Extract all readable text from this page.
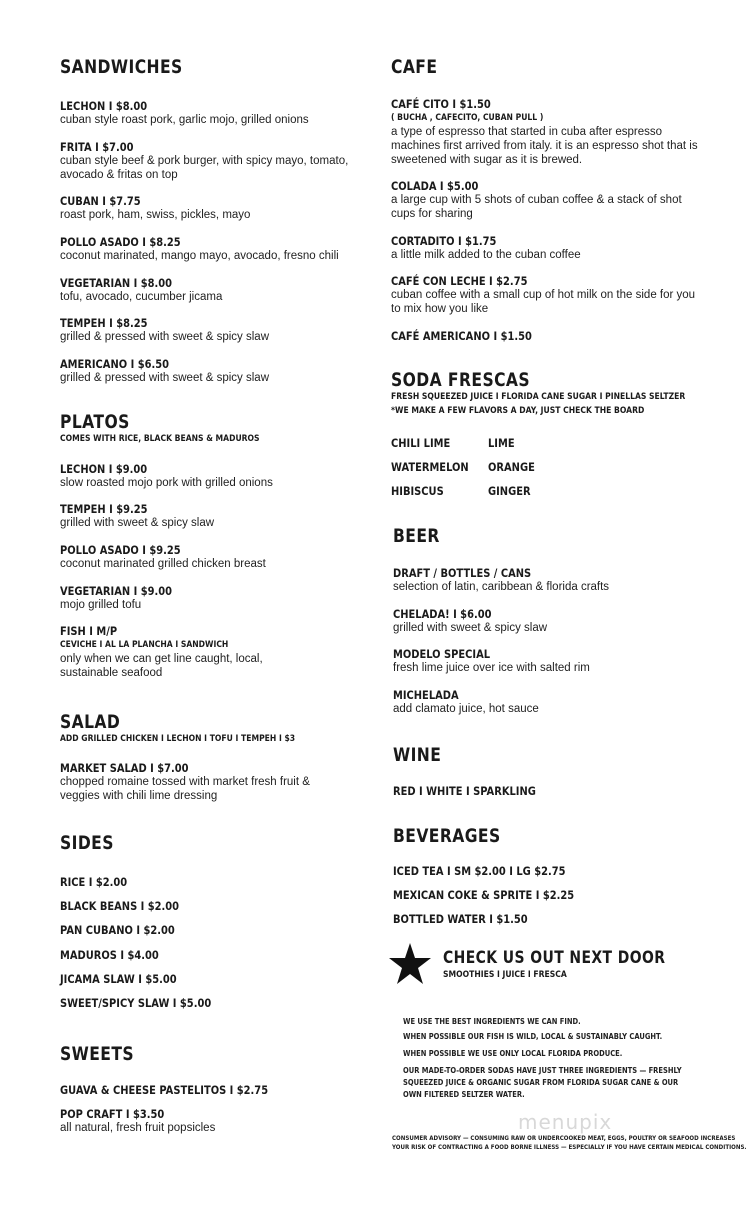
SANDWICHES
LECHON I $8.00
cuban style roast pork, garlic mojo, grilled onions
FRITA I $7.00
cuban style beef & pork burger, with spicy mayo, tomato, avocado & fritas on top
CUBAN I $7.75
roast pork, ham, swiss, pickles, mayo
POLLO ASADO I $8.25
coconut marinated, mango mayo, avocado, fresno chili
VEGETARIAN I $8.00
tofu, avocado, cucumber jicama
TEMPEH I $8.25
grilled & pressed with sweet & spicy slaw
AMERICANO I $6.50
grilled & pressed with sweet & spicy slaw
PLATOS
COMES WITH RICE, BLACK BEANS & MADUROS
LECHON I $9.00
slow roasted mojo pork with grilled onions
TEMPEH I $9.25
grilled with sweet & spicy slaw
POLLO ASADO I $9.25
coconut marinated grilled chicken breast
VEGETARIAN I $9.00
mojo grilled tofu
FISH I M/P
CEVICHE I AL LA PLANCHA I SANDWICH
only when we can get line caught, local, sustainable seafood
SALAD
ADD GRILLED CHICKEN I LECHON I TOFU I TEMPEH I $3
MARKET SALAD I $7.00
chopped romaine tossed with market fresh fruit & veggies with chili lime dressing
SIDES
RICE I $2.00
BLACK BEANS I $2.00
PAN CUBANO I $2.00
MADUROS I $4.00
JICAMA SLAW I $5.00
SWEET/SPICY SLAW I $5.00
SWEETS
GUAVA & CHEESE PASTELITOS I $2.75
POP CRAFT I $3.50
all natural, fresh fruit popsicles
CAFE
CAFÉ CITO I $1.50
( BUCHA , CAFECITO, CUBAN PULL )
a type of espresso that started in cuba after espresso machines first arrived from italy. it is an espresso shot that is sweetened with sugar as it is brewed.
COLADA I $5.00
a large cup with 5 shots of cuban coffee & a stack of shot cups for sharing
CORTADITO I $1.75
a little milk added to the cuban coffee
CAFÉ CON LECHE I $2.75
cuban coffee with a small cup of hot milk on the side for you to mix how you like
CAFÉ AMERICANO I $1.50
SODA FRESCAS
FRESH SQUEEZED JUICE I FLORIDA CANE SUGAR I PINELLAS SELTZER
*WE MAKE A FEW FLAVORS A DAY, JUST CHECK THE BOARD
CHILI LIME
WATERMELON
HIBISCUS
LIME
ORANGE
GINGER
BEER
DRAFT / BOTTLES / CANS
selection of latin, caribbean & florida crafts
CHELADA! I $6.00
grilled with sweet & spicy slaw
MODELO SPECIAL
fresh lime juice over ice with salted rim
MICHELADA
add clamato juice, hot sauce
WINE
RED I WHITE I SPARKLING
BEVERAGES
ICED TEA I SM $2.00 I LG $2.75
MEXICAN COKE & SPRITE I $2.25
BOTTLED WATER I $1.50
CHECK US OUT NEXT DOOR
SMOOTHIES I JUICE I FRESCA
WE USE THE BEST INGREDIENTS WE CAN FIND.
WHEN POSSIBLE OUR FISH IS WILD, LOCAL & SUSTAINABLY CAUGHT.
WHEN POSSIBLE WE USE ONLY LOCAL FLORIDA PRODUCE.
OUR MADE-TO-ORDER SODAS HAVE JUST THREE INGREDIENTS — FRESHLY
SQUEEZED JUICE & ORGANIC SUGAR FROM FLORIDA SUGAR CANE & OUR
OWN FILTERED SELTZER WATER.
menupix
CONSUMER ADVISORY — CONSUMING RAW OR UNDERCOOKED MEAT, EGGS, POULTRY OR SEAFOOD INCREASES
YOUR RISK OF CONTRACTING A FOOD BORNE ILLNESS — ESPECIALLY IF YOU HAVE CERTAIN MEDICAL CONDITIONS.
